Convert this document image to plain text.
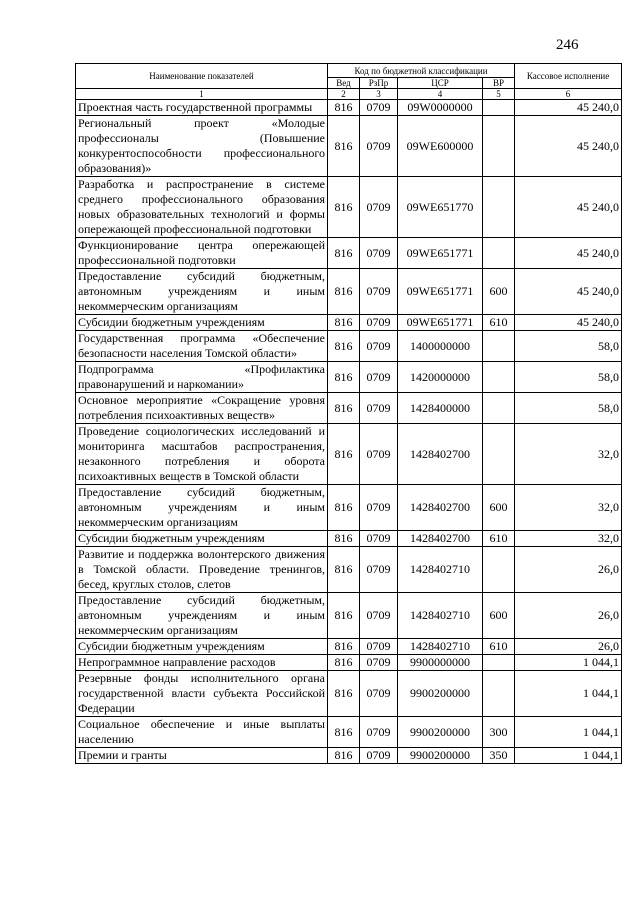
246
Наименование показателей	Код по бюджетной классификации				Кассовое исполнение
	Вед	РзПр	ЦСР	ВР	
1	2	3	4	5	6
Проектная часть государственной программы	816	0709	09W0000000		45 240,0
Региональный проект «Молодые профессионалы (Повышение конкурентоспособности профессионального образования)»	816	0709	09WE600000		45 240,0
Разработка и распространение в системе среднего профессионального образования новых образовательных технологий и формы опережающей профессиональной подготовки	816	0709	09WE651770		45 240,0
Функционирование центра опережающей профессиональной подготовки	816	0709	09WE651771		45 240,0
Предоставление субсидий бюджетным, автономным учреждениям и иным некоммерческим организациям	816	0709	09WE651771	600	45 240,0
Субсидии бюджетным учреждениям	816	0709	09WE651771	610	45 240,0
Государственная программа «Обеспечение безопасности населения Томской области»	816	0709	1400000000		58,0
Подпрограмма «Профилактика правонарушений и наркомании»	816	0709	1420000000		58,0
Основное мероприятие «Сокращение уровня потребления психоактивных веществ»	816	0709	1428400000		58,0
Проведение социологических исследований и мониторинга масштабов распространения, незаконного потребления и оборота психоактивных веществ в Томской области	816	0709	1428402700		32,0
Предоставление субсидий бюджетным, автономным учреждениям и иным некоммерческим организациям	816	0709	1428402700	600	32,0
Субсидии бюджетным учреждениям	816	0709	1428402700	610	32,0
Развитие и поддержка волонтерского движения в Томской области. Проведение тренингов, бесед, круглых столов, слетов	816	0709	1428402710		26,0
Предоставление субсидий бюджетным, автономным учреждениям и иным некоммерческим организациям	816	0709	1428402710	600	26,0
Субсидии бюджетным учреждениям	816	0709	1428402710	610	26,0
Непрограммное направление расходов	816	0709	9900000000		1 044,1
Резервные фонды исполнительного органа государственной власти субъекта Российской Федерации	816	0709	9900200000		1 044,1
Социальное обеспечение и иные выплаты населению	816	0709	9900200000	300	1 044,1
Премии и гранты	816	0709	9900200000	350	1 044,1
